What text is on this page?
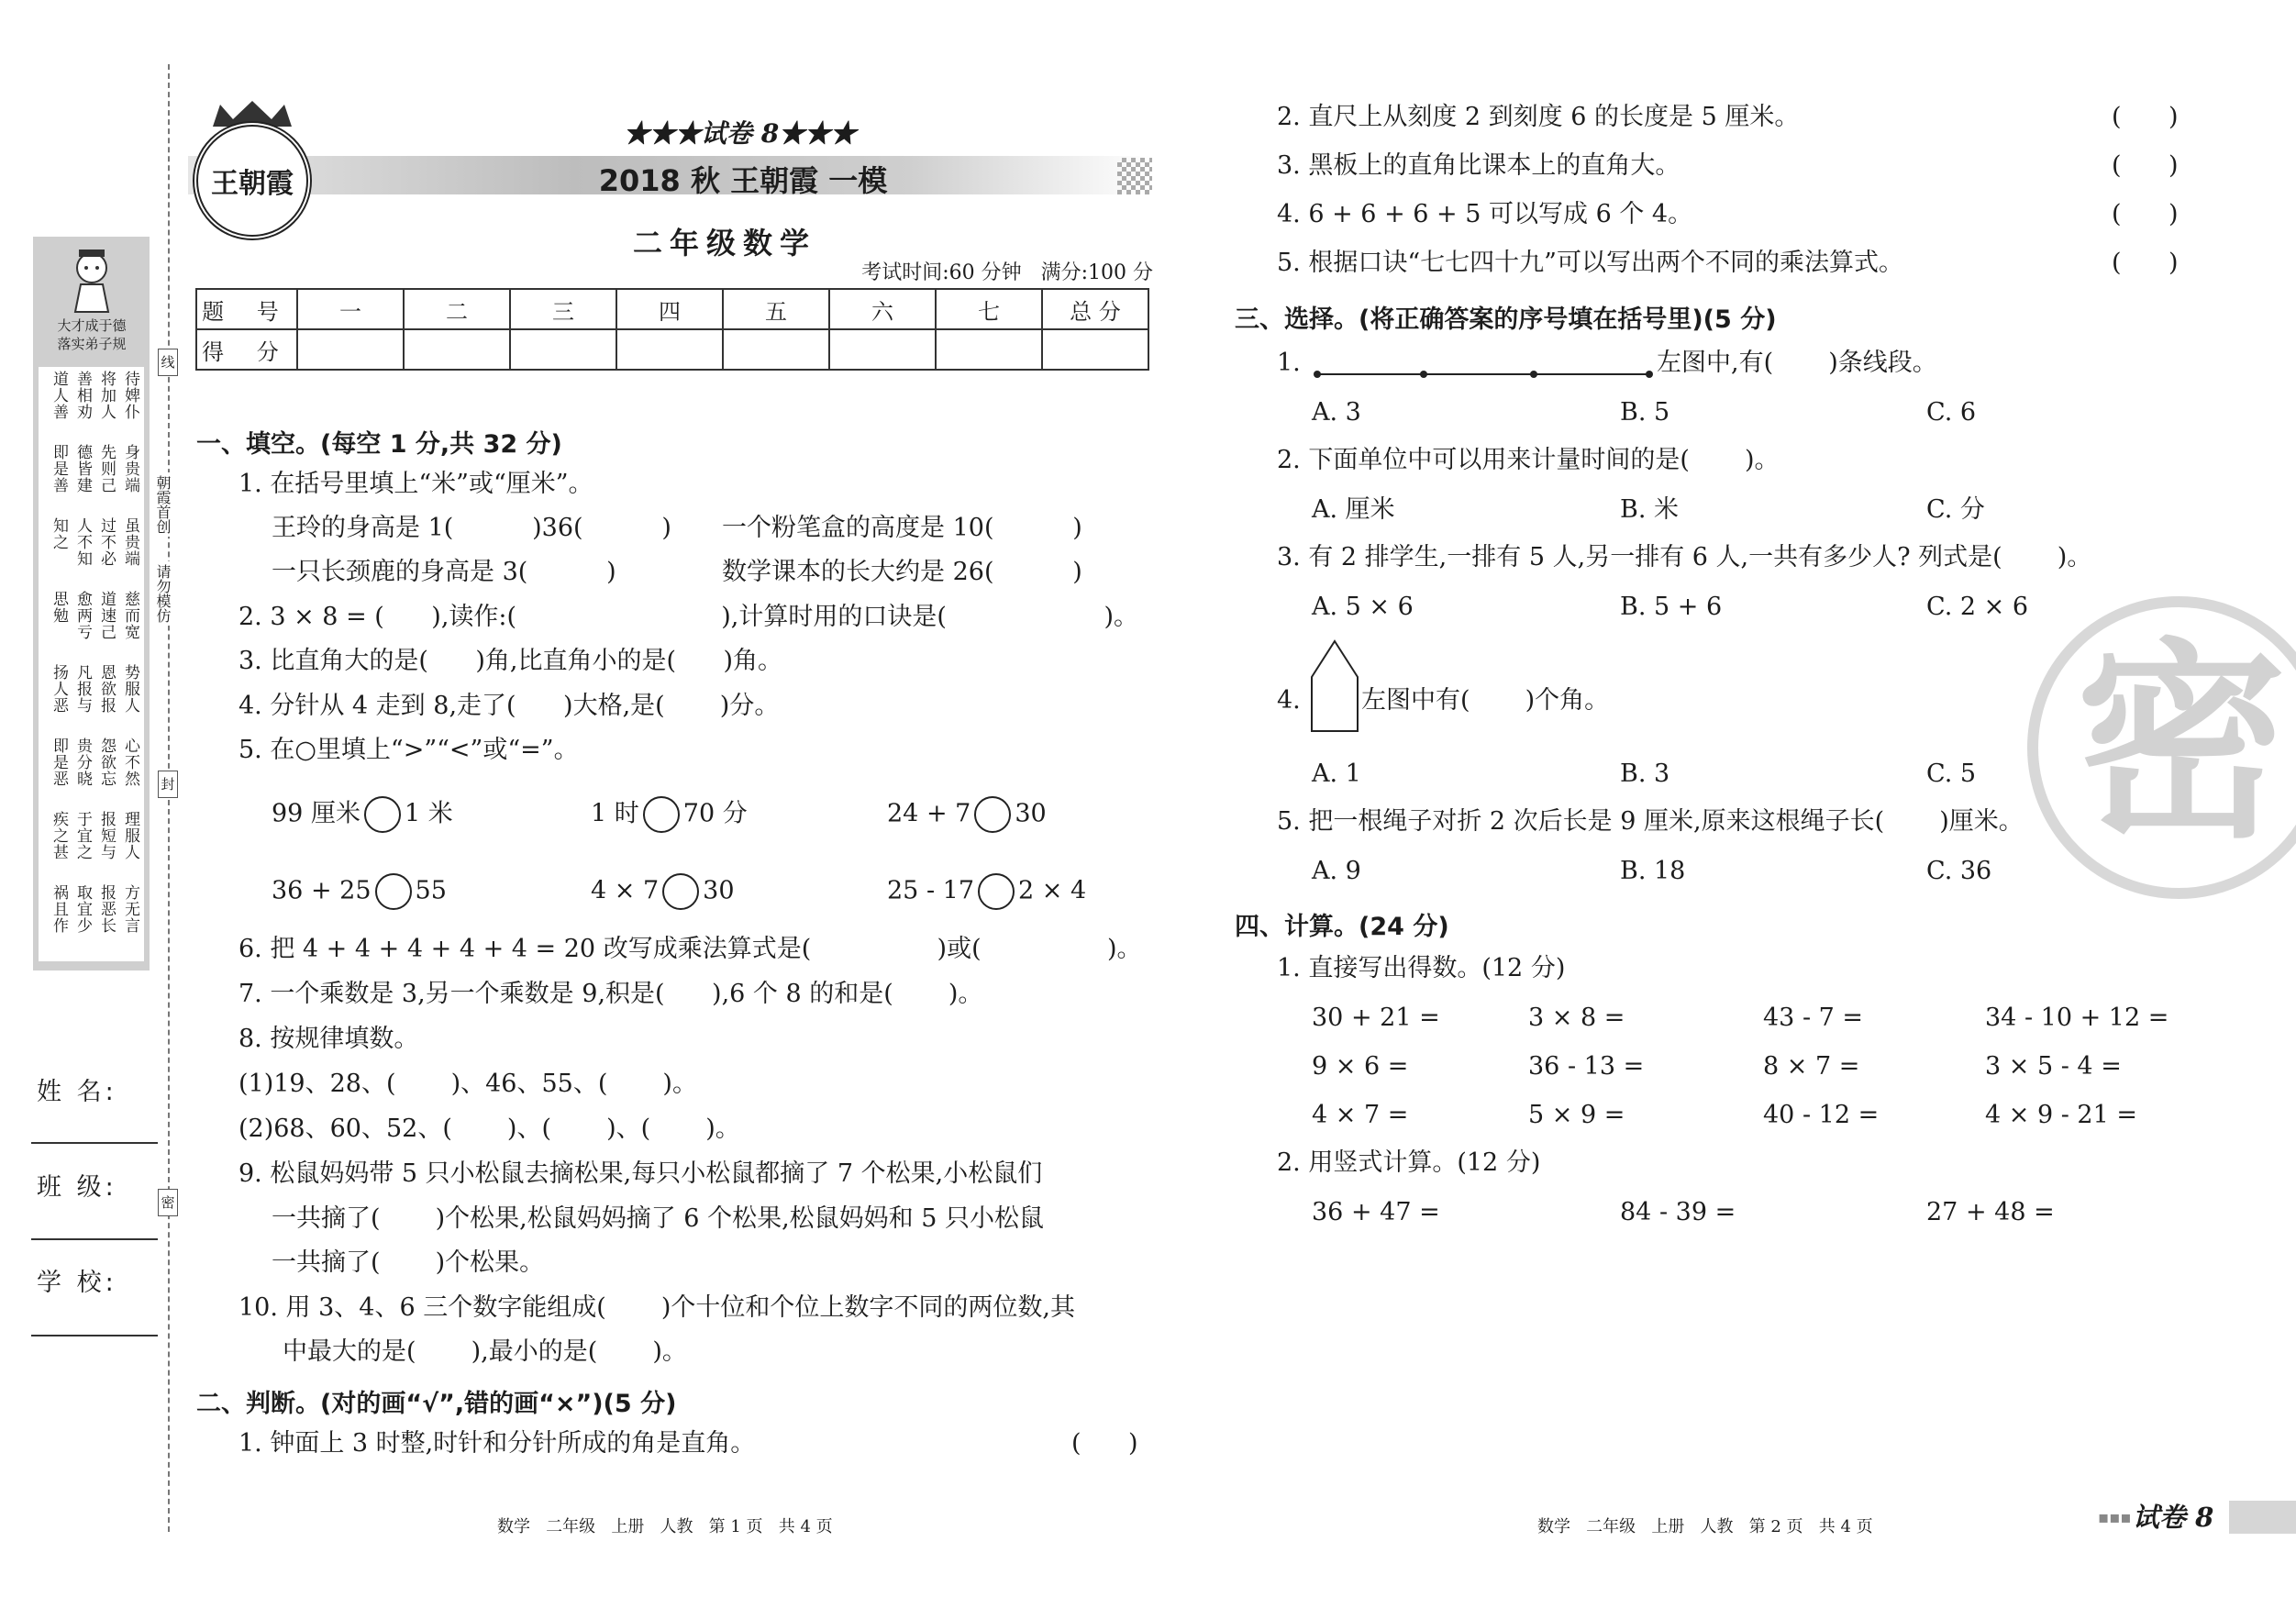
大才成于德
落实弟子规
待婢仆
将加人
善相劝
道人善
身贵端
先则己
德皆建
即是善
虽贵端
过不必
人不知
知之
慈而宽
道速己
愈两亏
思勉
势服人
恩欲报
凡报与
扬人恶
心不然
怨欲忘
贵分晓
即是恶
理服人
报短与
于宜之
疾之甚
方无言
报恶长
取宜少
祸且作
姓 名:
班 级:
学 校:
线
封
密
朝霞首创
请勿模仿
王朝霞
★★★试卷 8★★★
2018 秋 王朝霞 一模
二年级数学
考试时间:60 分钟   满分:100 分
题 号	一	二	三	四	五	六	七	总 分
得 分								
一、填空。(每空 1 分,共 32 分)
1. 在括号里填上“米”或“厘米”。
王玲的身高是 1(          )36(          ) 一个粉笔盒的高度是 10(          )
一只长颈鹿的身高是 3(          )	数学课本的长大约是 26(          )
2. 3 × 8 = (      ),读作:(                          ),计算时用的口诀是(                    )。
3. 比直角大的是(      )角,比直角小的是(      )角。
4. 分针从 4 走到 8,走了(      )大格,是(       )分。
5. 在○里填上“>”“<”或“=”。
99 厘米 1 米	1 时 70 分	24 + 7 30
36 + 25 55	4 × 7 30	25 - 17 2 × 4
6. 把 4 + 4 + 4 + 4 + 4 = 20 改写成乘法算式是(                )或(                )。
7. 一个乘数是 3,另一个乘数是 9,积是(      ),6 个 8 的和是(       )。
8. 按规律填数。
(1)19、28、(       )、46、55、(       )。
(2)68、60、52、(       )、(       )、(       )。
9. 松鼠妈妈带 5 只小松鼠去摘松果,每只小松鼠都摘了 7 个松果,小松鼠们
一共摘了(       )个松果,松鼠妈妈摘了 6 个松果,松鼠妈妈和 5 只小松鼠
一共摘了(       )个松果。
10. 用 3、4、6 三个数字能组成(       )个十位和个位上数字不同的两位数,其
中最大的是(       ),最小的是(       )。
二、判断。(对的画“√”,错的画“×”)(5 分)
1. 钟面上 3 时整,时针和分针所成的角是直角。	(      )
2. 直尺上从刻度 2 到刻度 6 的长度是 5 厘米。	(      )
3. 黑板上的直角比课本上的直角大。	(      )
4. 6 + 6 + 6 + 5 可以写成 6 个 4。	(      )
5. 根据口诀“七七四十九”可以写出两个不同的乘法算式。	(      )
三、选择。(将正确答案的序号填在括号里)(5 分)
1.	左图中,有(       )条线段。
A. 3	B. 5	C. 6
2. 下面单位中可以用来计量时间的是(       )。
A. 厘米	B. 米	C. 分
3. 有 2 排学生,一排有 5 人,另一排有 6 人,一共有多少人? 列式是(       )。
A. 5 × 6	B. 5 + 6	C. 2 × 6
4. 左图中有(       )个角。
A. 1	B. 3	C. 5
5. 把一根绳子对折 2 次后长是 9 厘米,原来这根绳子长(       )厘米。
A. 9	B. 18	C. 36
四、计算。(24 分)
1. 直接写出得数。(12 分)
30 + 21 =	3 × 8 =	43 - 7 =	34 - 10 + 12 =
9 × 6 =	36 - 13 =	8 × 7 =	3 × 5 - 4 =
4 × 7 =	5 × 9 =	40 - 12 =	4 × 9 - 21 =
2. 用竖式计算。(12 分)
36 + 47 =	84 - 39 =	27 + 48 =
密
数学   二年级   上册   人教   第 1 页   共 4 页	数学   二年级   上册   人教   第 2 页   共 4 页	▪▪▪ 试卷 8
